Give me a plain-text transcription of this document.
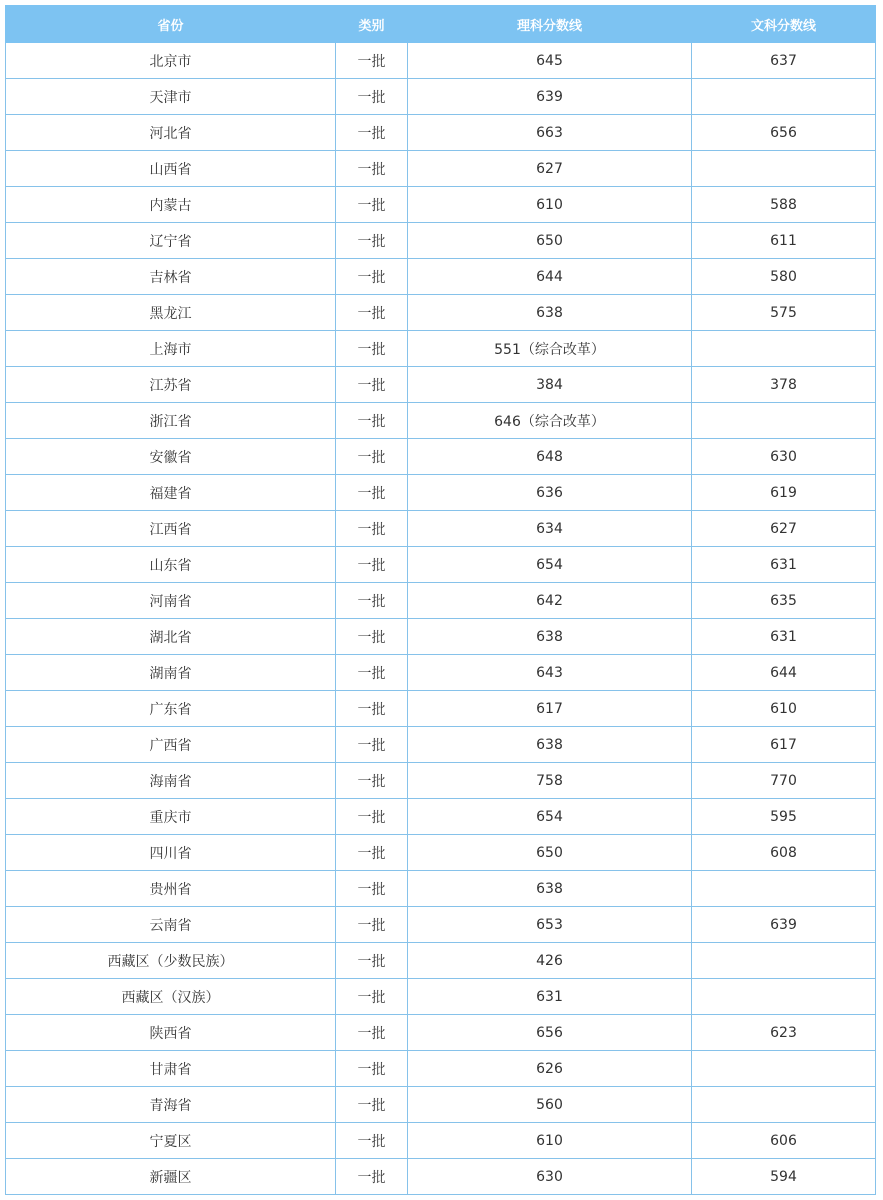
省份	类别	理科分数线	文科分数线
北京市	一批	645	637
天津市	一批	639	
河北省	一批	663	656
山西省	一批	627	
内蒙古	一批	610	588
辽宁省	一批	650	611
吉林省	一批	644	580
黑龙江	一批	638	575
上海市	一批	551（综合改革）	
江苏省	一批	384	378
浙江省	一批	646（综合改革）	
安徽省	一批	648	630
福建省	一批	636	619
江西省	一批	634	627
山东省	一批	654	631
河南省	一批	642	635
湖北省	一批	638	631
湖南省	一批	643	644
广东省	一批	617	610
广西省	一批	638	617
海南省	一批	758	770
重庆市	一批	654	595
四川省	一批	650	608
贵州省	一批	638	
云南省	一批	653	639
西藏区（少数民族）	一批	426	
西藏区（汉族）	一批	631	
陕西省	一批	656	623
甘肃省	一批	626	
青海省	一批	560	
宁夏区	一批	610	606
新疆区	一批	630	594
